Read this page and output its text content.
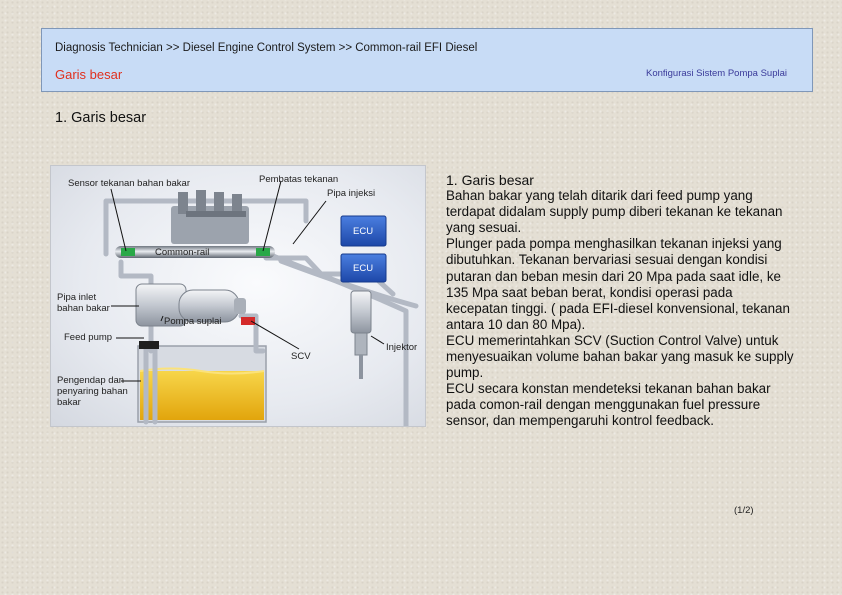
Diagnosis Technician >> Diesel Engine Control System >> Common-rail EFI Diesel
Garis besar	Konfigurasi Sistem Pompa Suplai
1. Garis besar
Sensor tekanan bahan bakar	Pembatas tekanan
Pipa injeksi
ECU
Common-rail
ECU
Pipa inlet bahan bakar
Pompa suplai
Feed pump
SCV
Injektor
Pengendap dan penyaring bahan bakar
1. Garis besar
Bahan bakar yang telah ditarik dari feed pump yang terdapat didalam supply pump diberi tekanan ke tekanan yang sesuai.
Plunger pada pompa menghasilkan tekanan injeksi yang dibutuhkan. Tekanan bervariasi sesuai dengan kondisi putaran dan beban mesin dari 20 Mpa pada saat idle, ke 135 Mpa saat beban berat, kondisi operasi pada kecepatan tinggi. ( pada EFI-diesel konvensional, tekanan antara 10 dan 80 Mpa).
ECU memerintahkan SCV (Suction Control Valve) untuk menyesuaikan volume bahan bakar yang masuk ke supply pump.
ECU secara konstan mendeteksi tekanan bahan bakar pada comon-rail dengan menggunakan fuel pressure sensor, dan mempengaruhi kontrol feedback.
(1/2)
